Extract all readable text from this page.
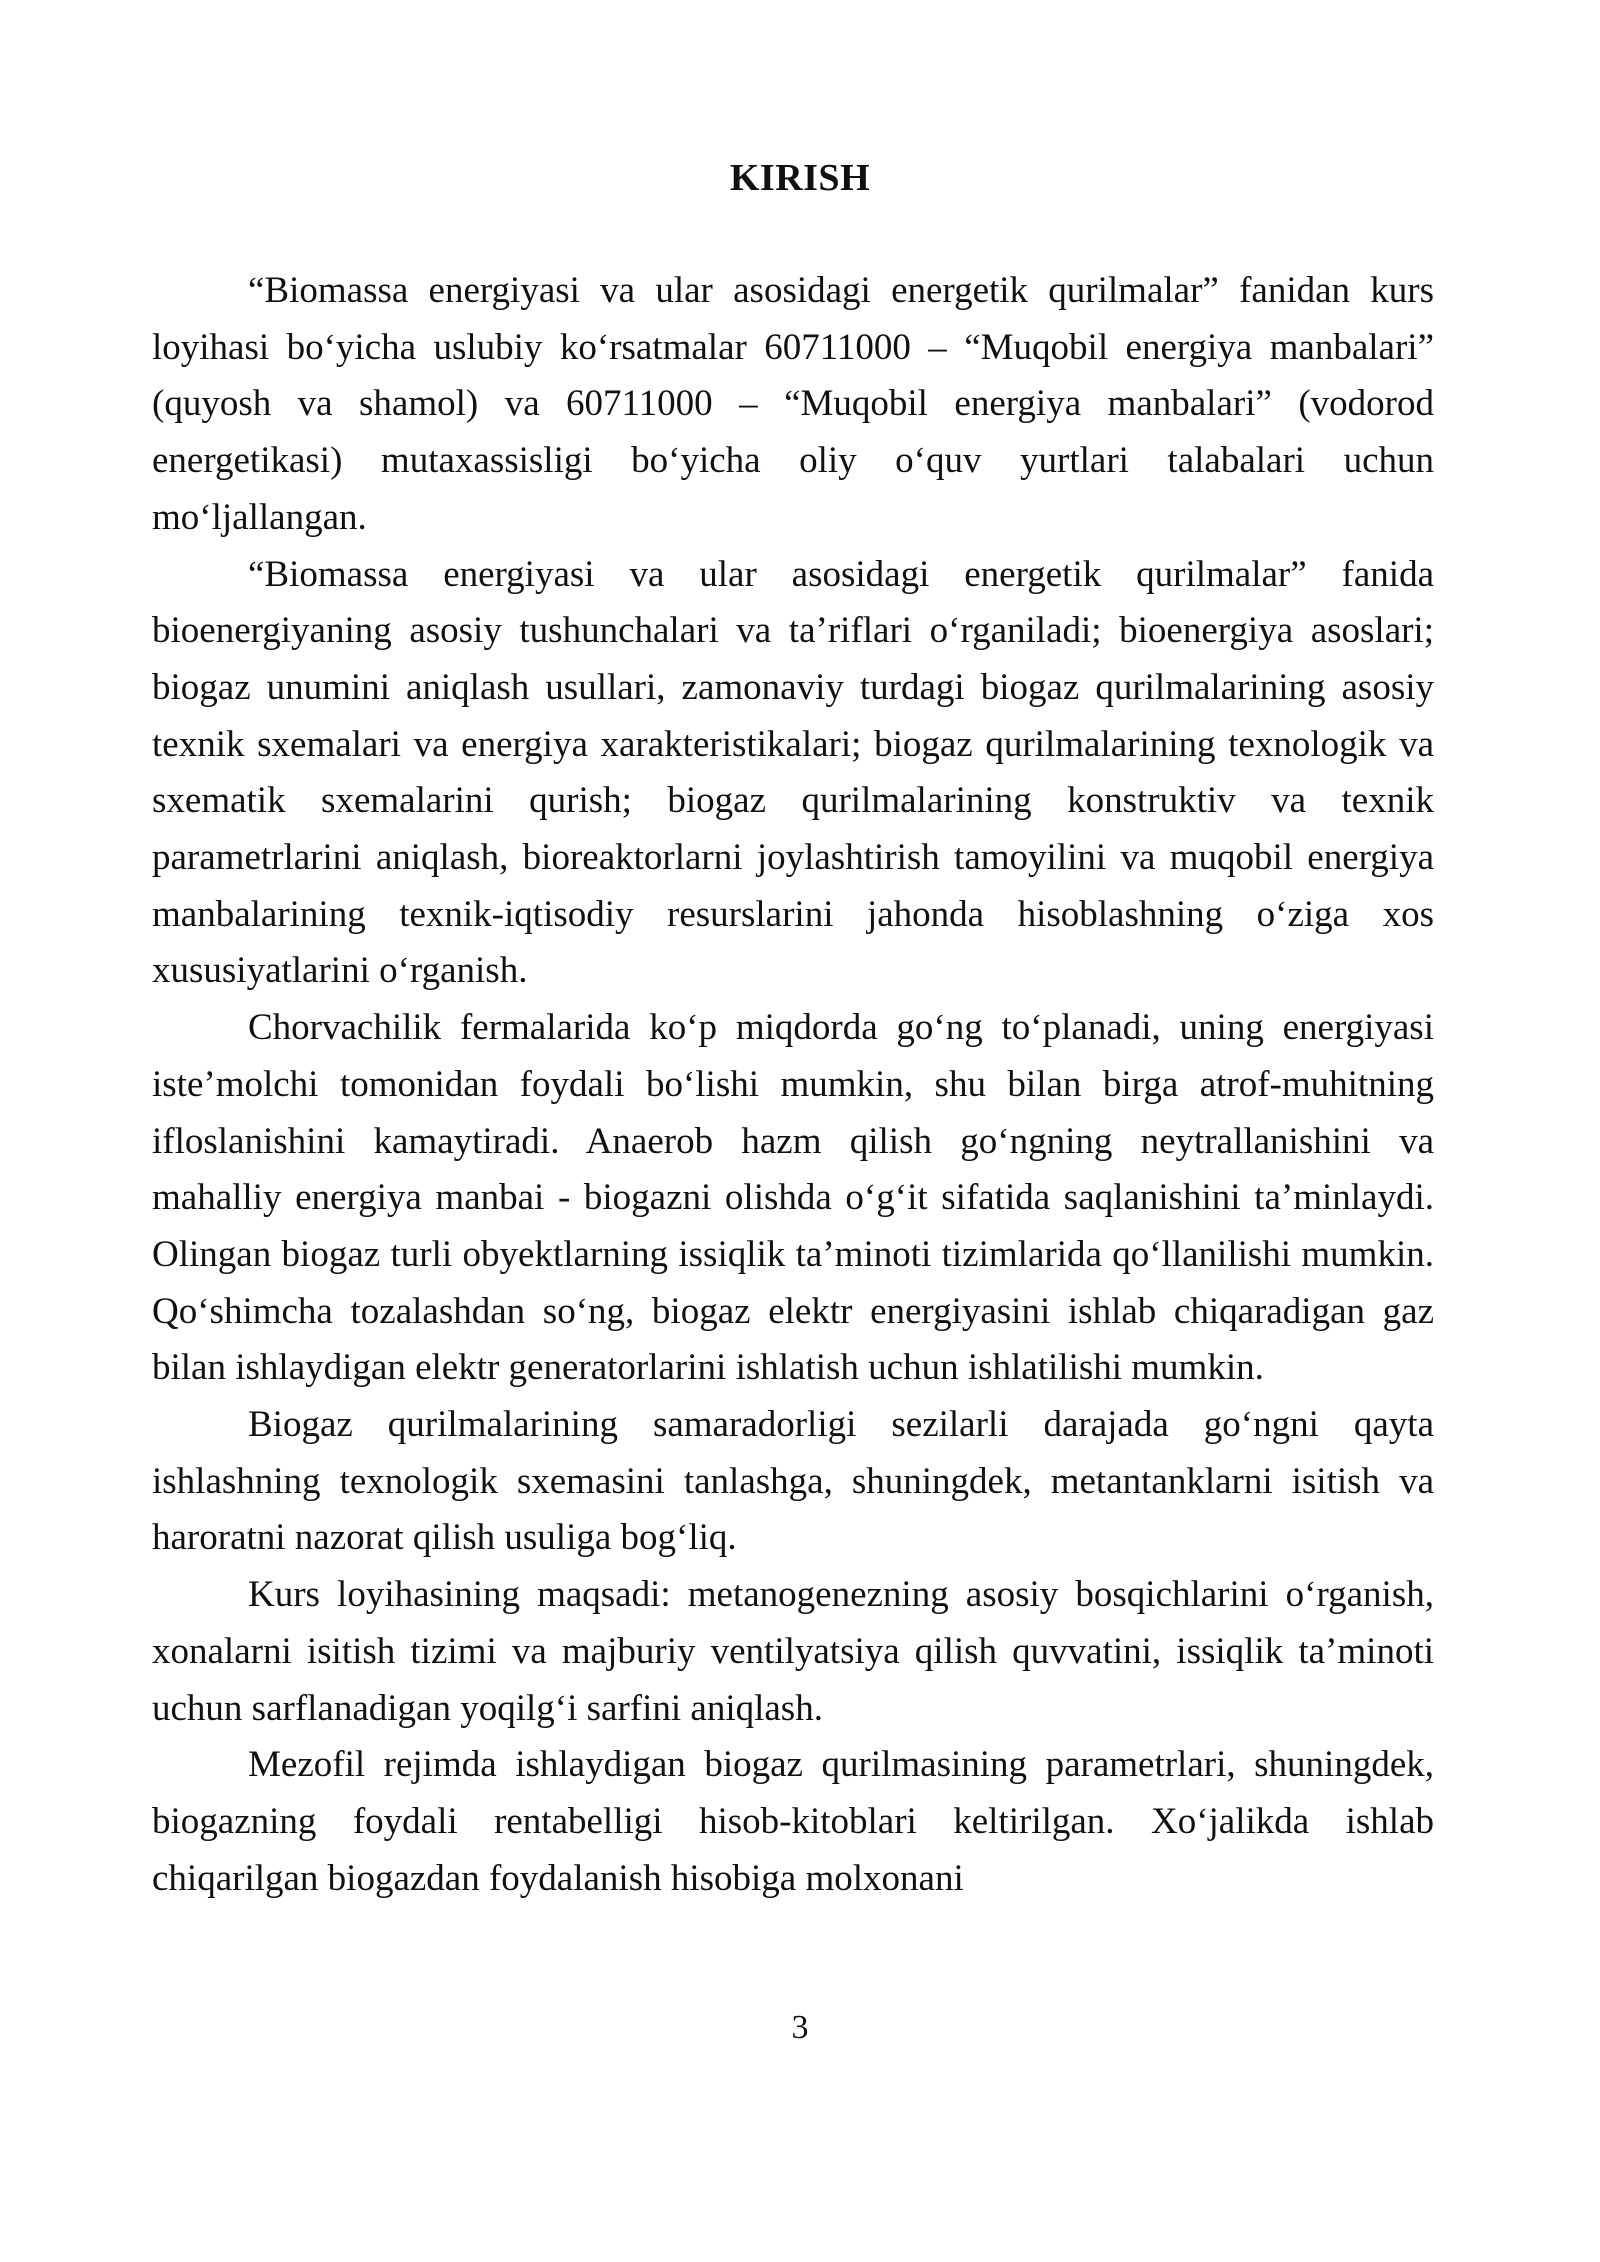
KIRISH

“Biomassa energiyasi va ular asosidagi energetik qurilmalar” fanidan kurs loyihasi bo‘yicha uslubiy ko‘rsatmalar 60711000 – “Muqobil energiya manbalari” (quyosh va shamol) va 60711000 – “Muqobil energiya manbalari” (vodorod energetikasi) mutaxassisligi bo‘yicha oliy o‘quv yurtlari talabalari uchun mo‘ljallangan.

“Biomassa energiyasi va ular asosidagi energetik qurilmalar” fanida bioenergiyaning asosiy tushunchalari va ta’riflari o‘rganiladi; bioenergiya asoslari; biogaz unumini aniqlash usullari, zamonaviy turdagi biogaz qurilmalarining asosiy texnik sxemalari va energiya xarakteristikalari; biogaz qurilmalarining texnologik va sxematik sxemalarini qurish; biogaz qurilmalarining konstruktiv va texnik parametrlarini aniqlash, bioreaktorlarni joylashtirish tamoyilini va muqobil energiya manbalarining texnik-iqtisodiy resurslarini jahonda hisoblashning o‘ziga xos xususiyatlarini o‘rganish.

Chorvachilik fermalarida ko‘p miqdorda go‘ng to‘planadi, uning energiyasi iste’molchi tomonidan foydali bo‘lishi mumkin, shu bilan birga atrof-muhitning ifloslanishini kamaytiradi. Anaerob hazm qilish go‘ngning neytrallanishini va mahalliy energiya manbai - biogazni olishda o‘g‘it sifatida saqlanishini ta’minlaydi. Olingan biogaz turli obyektlarning issiqlik ta’minoti tizimlarida qo‘llanilishi mumkin. Qo‘shimcha tozalashdan so‘ng, biogaz elektr energiyasini ishlab chiqaradigan gaz bilan ishlaydigan elektr generatorlarini ishlatish uchun ishlatilishi mumkin.

Biogaz qurilmalarining samaradorligi sezilarli darajada go‘ngni qayta ishlashning texnologik sxemasini tanlashga, shuningdek, metantanklarni isitish va haroratni nazorat qilish usuliga bog‘liq.

Kurs loyihasining maqsadi: metanogenezning asosiy bosqichlarini o‘rganish, xonalarni isitish tizimi va majburiy ventilyatsiya qilish quvvatini, issiqlik ta’minoti uchun sarflanadigan yoqilg‘i sarfini aniqlash.

Mezofil rejimda ishlaydigan biogaz qurilmasining parametrlari, shuningdek, biogazning foydali rentabelligi hisob-kitoblari keltirilgan. Xo‘jalikda ishlab chiqarilgan biogazdan foydalanish hisobiga molxonani

3
